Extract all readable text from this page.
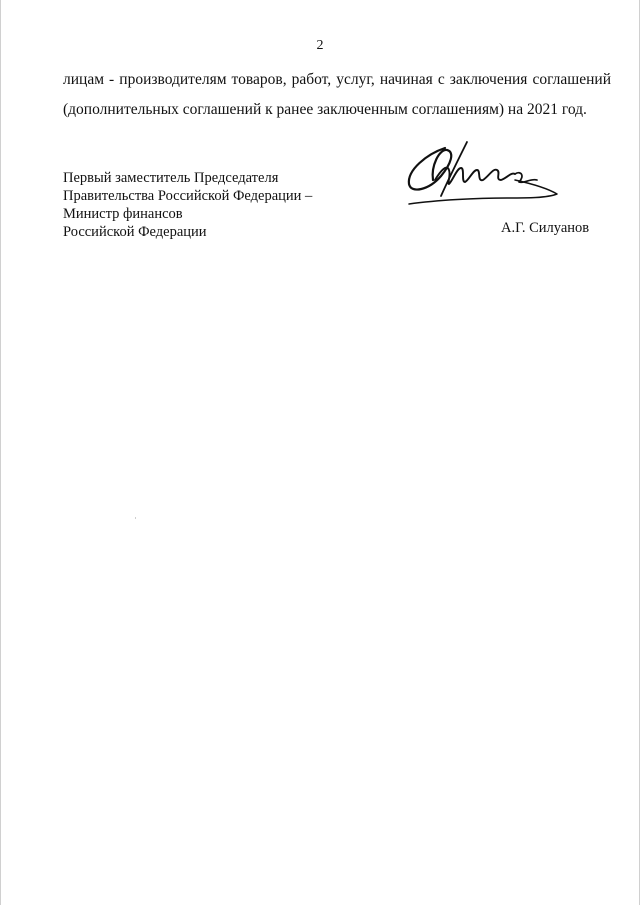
2
лицам - производителям товаров, работ, услуг, начиная с заключения соглашений
(дополнительных соглашений к ранее заключенным соглашениям) на 2021 год.
Первый заместитель Председателя
Правительства Российской Федерации –
Министр финансов
Российской Федерации	А.Г. Силуанов
